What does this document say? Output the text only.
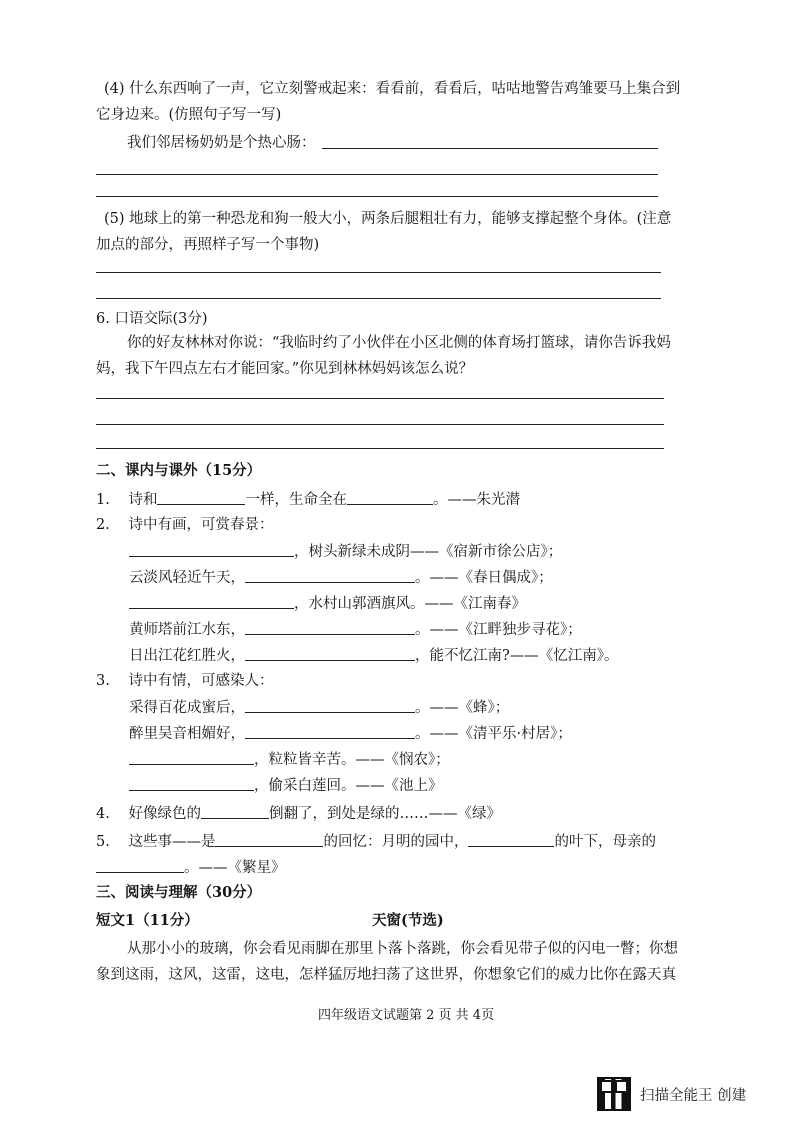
(4) 什么东西响了一声，它立刻警戒起来：看看前，看看后，咕咕地警告鸡雏要马上集合到
它身边来。(仿照句子写一写)
我们邻居杨奶奶是个热心肠：
(5) 地球上的第一种恐龙和狗一般大小，两条后腿粗壮有力，能够支撑起整个身体。(注意
加点的部分，再照样子写一个事物)
6. 口语交际(3分)
你的好友林林对你说：“我临时约了小伙伴在小区北侧的体育场打篮球，请你告诉我妈
妈，我下午四点左右才能回家。”你见到林林妈妈该怎么说？
二、课内与课外（15分）
1. 诗和	一样，生命全在	。——朱光潜
2. 诗中有画，可赏春景：
，树头新绿未成阴——《宿新市徐公店》；
云淡风轻近午天，	。——《春日偶成》；
，水村山郭酒旗风。——《江南春》
黄师塔前江水东，	。——《江畔独步寻花》；
日出江花红胜火，	，能不忆江南?——《忆江南》。
3. 诗中有情，可感染人：
采得百花成蜜后，	。——《蜂》；
醉里吴音相媚好，	。——《清平乐·村居》；
，粒粒皆辛苦。——《悯农》；
，偷采白莲回。——《池上》
4. 好像绿色的	倒翻了，到处是绿的……——《绿》
5. 这些事——是	的回忆：月明的园中，	的叶下，母亲的
。——《繁星》
三、阅读与理解（30分）
短文1（11分）	天窗(节选)
从那小小的玻璃，你会看见雨脚在那里卜落卜落跳，你会看见带子似的闪电一瞥；你想
象到这雨，这风，这雷，这电，怎样猛厉地扫荡了这世界，你想象它们的威力比你在露天真
四年级语文试题第 2 页 共 4页
扫描全能王 创建
